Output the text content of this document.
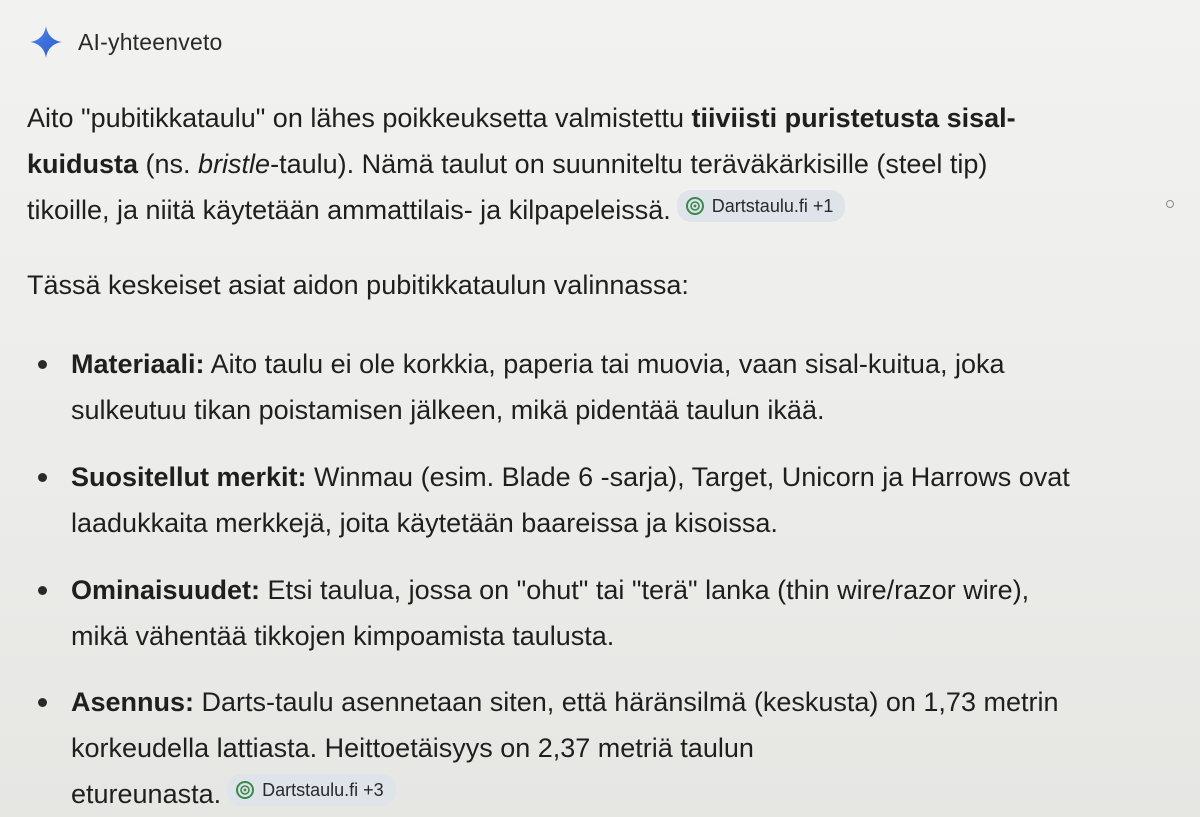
AI-yhteenveto
Aito "pubitikkataulu" on lähes poikkeuksetta valmistettu tiiviisti puristetusta sisal-
kuidusta (ns. bristle-taulu). Nämä taulut on suunniteltu teräväkärkisille (steel tip)
tikoille, ja niitä käytetään ammattilais- ja kilpapeleissä. Dartstaulu.fi +1
Tässä keskeiset asiat aidon pubitikkataulun valinnassa:
Materiaali: Aito taulu ei ole korkkia, paperia tai muovia, vaan sisal-kuitua, joka
sulkeutuu tikan poistamisen jälkeen, mikä pidentää taulun ikää.
Suositellut merkit: Winmau (esim. Blade 6 -sarja), Target, Unicorn ja Harrows ovat
laadukkaita merkkejä, joita käytetään baareissa ja kisoissa.
Ominaisuudet: Etsi taulua, jossa on "ohut" tai "terä" lanka (thin wire/razor wire),
mikä vähentää tikkojen kimpoamista taulusta.
Asennus: Darts-taulu asennetaan siten, että häränsilmä (keskusta) on 1,73 metrin
korkeudella lattiasta. Heittoetäisyys on 2,37 metriä taulun
etureunasta. Dartstaulu.fi +3
